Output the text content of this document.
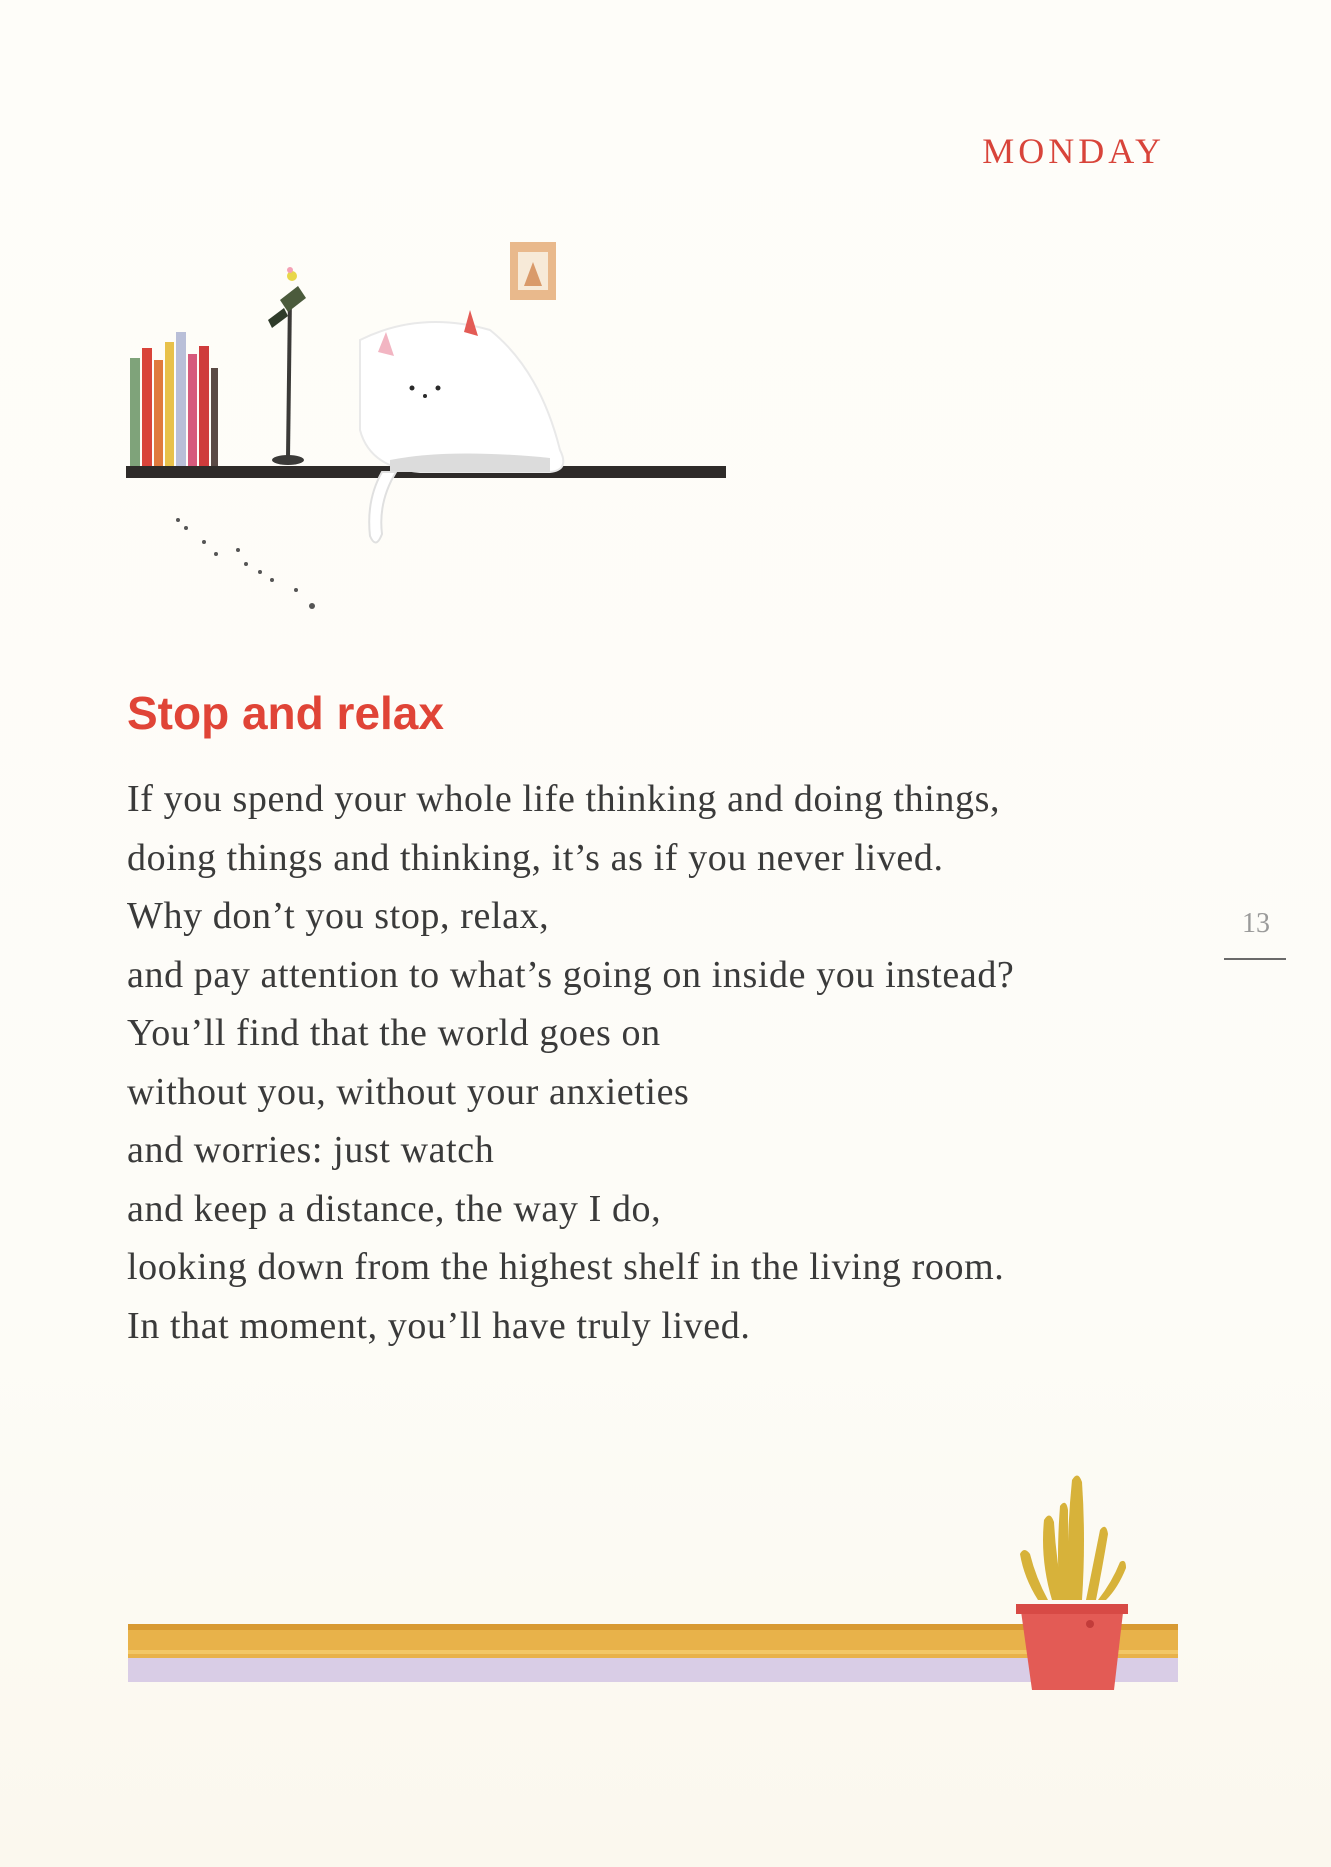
MONDAY
Stop and relax
If you spend your whole life thinking and doing things,
doing things and thinking, it’s as if you never lived.
Why don’t you stop, relax,
and pay attention to what’s going on inside you instead?
You’ll find that the world goes on
without you, without your anxieties
and worries: just watch
and keep a distance, the way I do,
looking down from the highest shelf in the living room.
In that moment, you’ll have truly lived.
13
